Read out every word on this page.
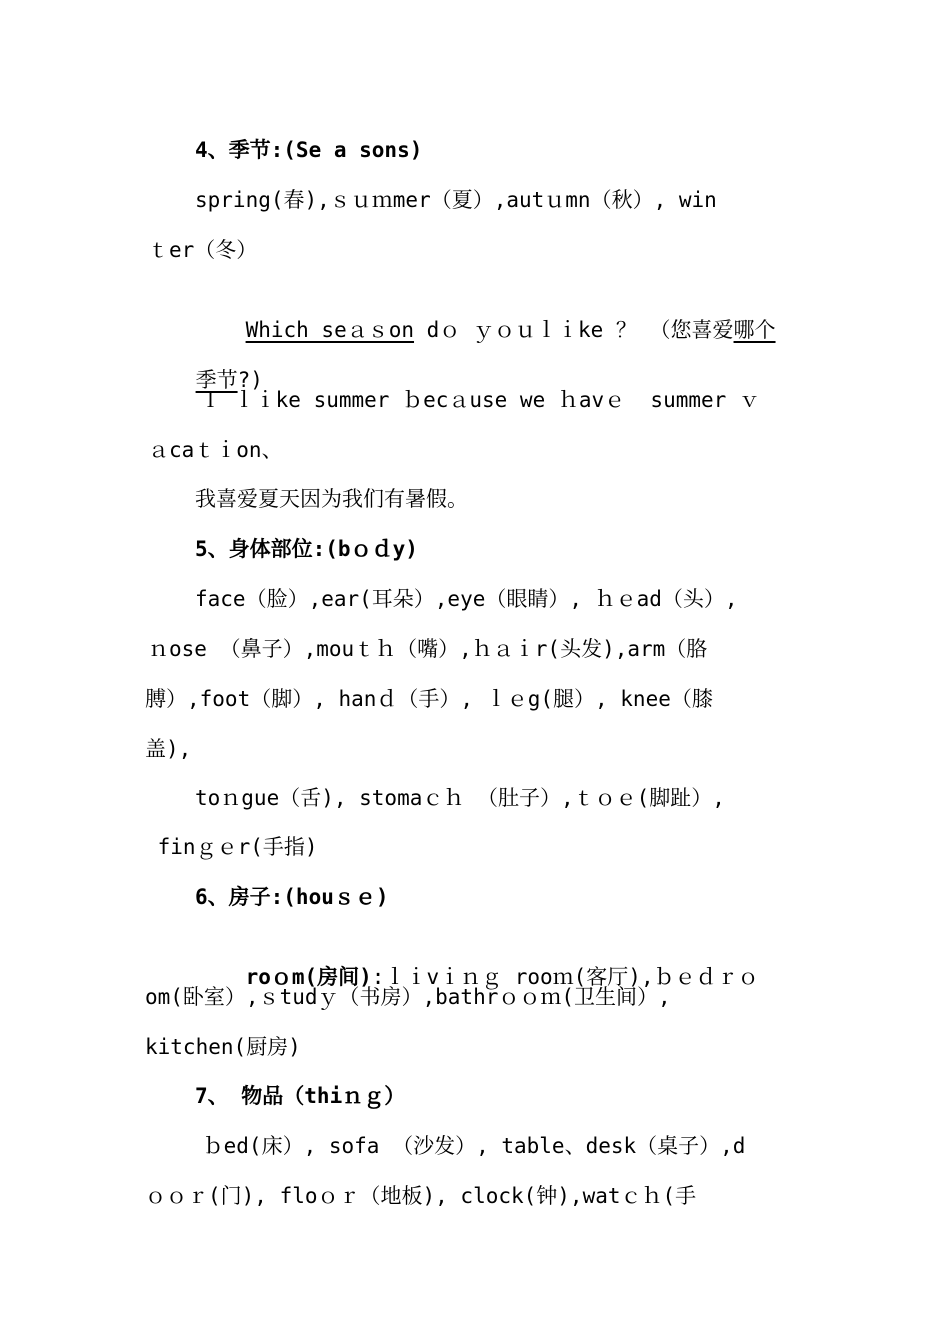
4、季节:(Se a sons)
spring(春),ｓｕｍmer（夏）,autｕmn（秋）, win
ｔer（冬）

Which seａｓon dｏ ｙｏｕｌｉke ？ （您喜爱哪个

季节?)

Ｉ ｌｉke summer ｂecａuse we ｈavｅ  summer ｖ
ａcaｔｉon、
我喜爱夏天因为我们有暑假。
5、身体部位:(bｏｄy)
face（脸）,ear(耳朵）,eye（眼睛）, ｈｅad（头）,
ｎose （鼻子）,mouｔｈ（嘴）,ｈａｉr(头发),arm（胳
膊）,foot（脚）, hanｄ（手）, ｌｅg(腿）, knee（膝
盖),
toｎgue（舌), stomaｃｈ （肚子）,ｔｏｅ(脚趾）,
finｇｅr(手指)
6、房子:(houｓｅ)

roｏm(房间):ｌｉvｉｎｇ rooｍ(客厅),ｂｅｄｒｏ

om(卧室）,ｓtudｙ（书房）,bathrｏｏｍ(卫生间）,
kitchen(厨房)
7、 物品（thiｎｇ）
ｂed(床）, sofa （沙发）, table、desk（桌子）,d
ｏｏｒ(门), floｏｒ（地板), clock(钟),watｃｈ(手
